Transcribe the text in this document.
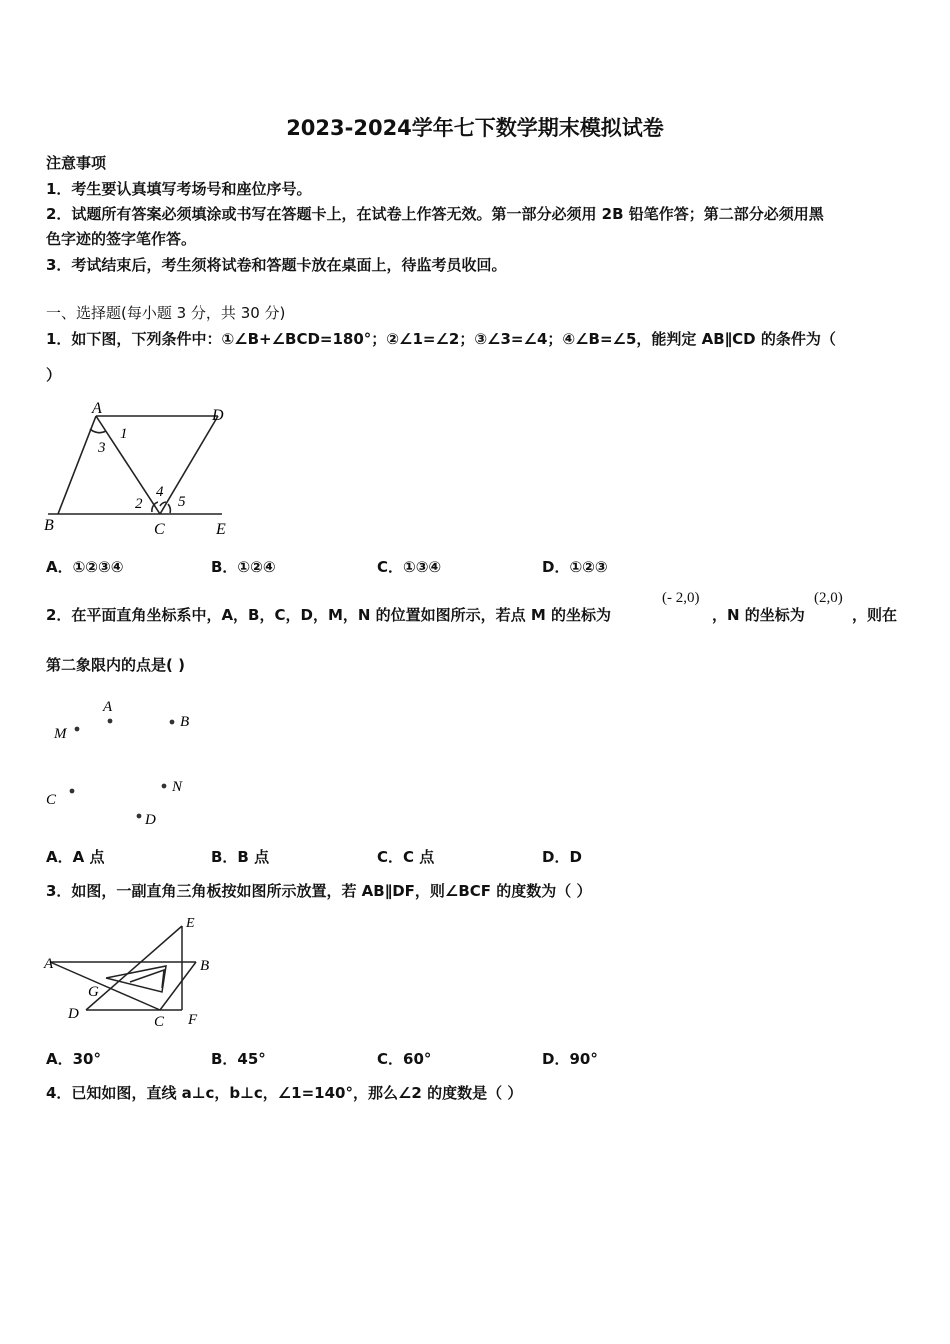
2023-2024学年七下数学期末模拟试卷
注意事项
1．考生要认真填写考场号和座位序号。
2．试题所有答案必须填涂或书写在答题卡上，在试卷上作答无效。第一部分必须用 2B 铅笔作答；第二部分必须用黑
色字迹的签字笔作答。
3．考试结束后，考生须将试卷和答题卡放在桌面上，待监考员收回。
一、选择题(每小题 3 分，共 30 分)
1．如下图，下列条件中：①∠B+∠BCD=180°；②∠1=∠2；③∠3=∠4；④∠B=∠5，能判定 AB∥CD 的条件为（
）
A	D
B	C	E
1
3
2
4
5
A．①②③④	B．①②④	C．①③④	D．①②③
2．在平面直角坐标系中，A，B，C，D，M，N 的位置如图所示，若点 M 的坐标为
(- 2,0)
，N 的坐标为
(2,0)
，则在
第二象限内的点是( )
A
B
M
C
N
D
A．A 点	B．B 点	C．C 点	D．D
3．如图，一副直角三角板按如图所示放置，若 AB∥DF，则∠BCF 的度数为（ ）
A	B
E
G
D	C F
A．30°	B．45°	C．60°	D．90°
4．已知如图，直线 a⊥c，b⊥c，∠1=140°，那么∠2 的度数是（ ）
